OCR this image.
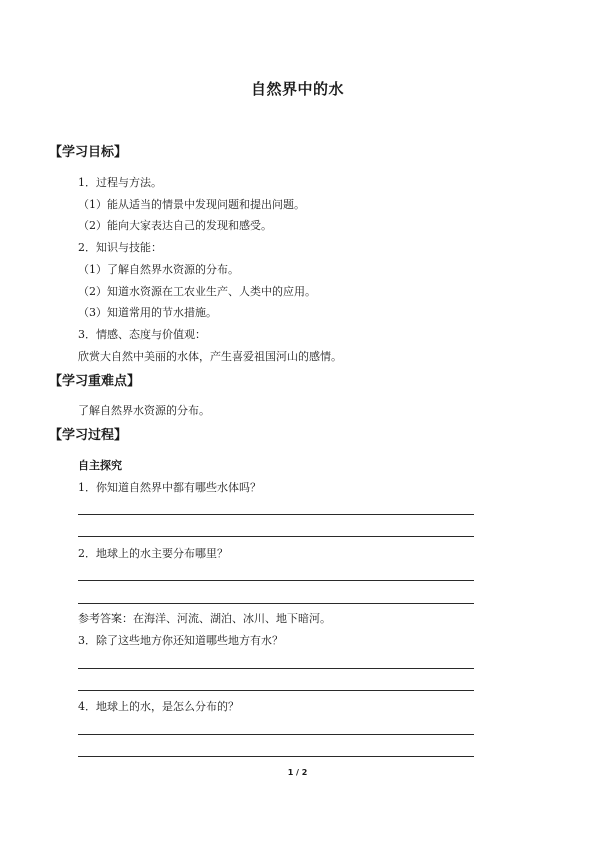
自然界中的水
【学习目标】
1．过程与方法。
（1）能从适当的情景中发现问题和提出问题。
（2）能向大家表达自己的发现和感受。
2．知识与技能：
（1）了解自然界水资源的分布。
（2）知道水资源在工农业生产、人类中的应用。
（3）知道常用的节水措施。
3．情感、态度与价值观：
欣赏大自然中美丽的水体，产生喜爱祖国河山的感情。
【学习重难点】
了解自然界水资源的分布。
【学习过程】
自主探究
1．你知道自然界中都有哪些水体吗？
2．地球上的水主要分布哪里？
参考答案：在海洋、河流、湖泊、冰川、地下暗河。
3．除了这些地方你还知道哪些地方有水？
4．地球上的水，是怎么分布的？
1 / 2
